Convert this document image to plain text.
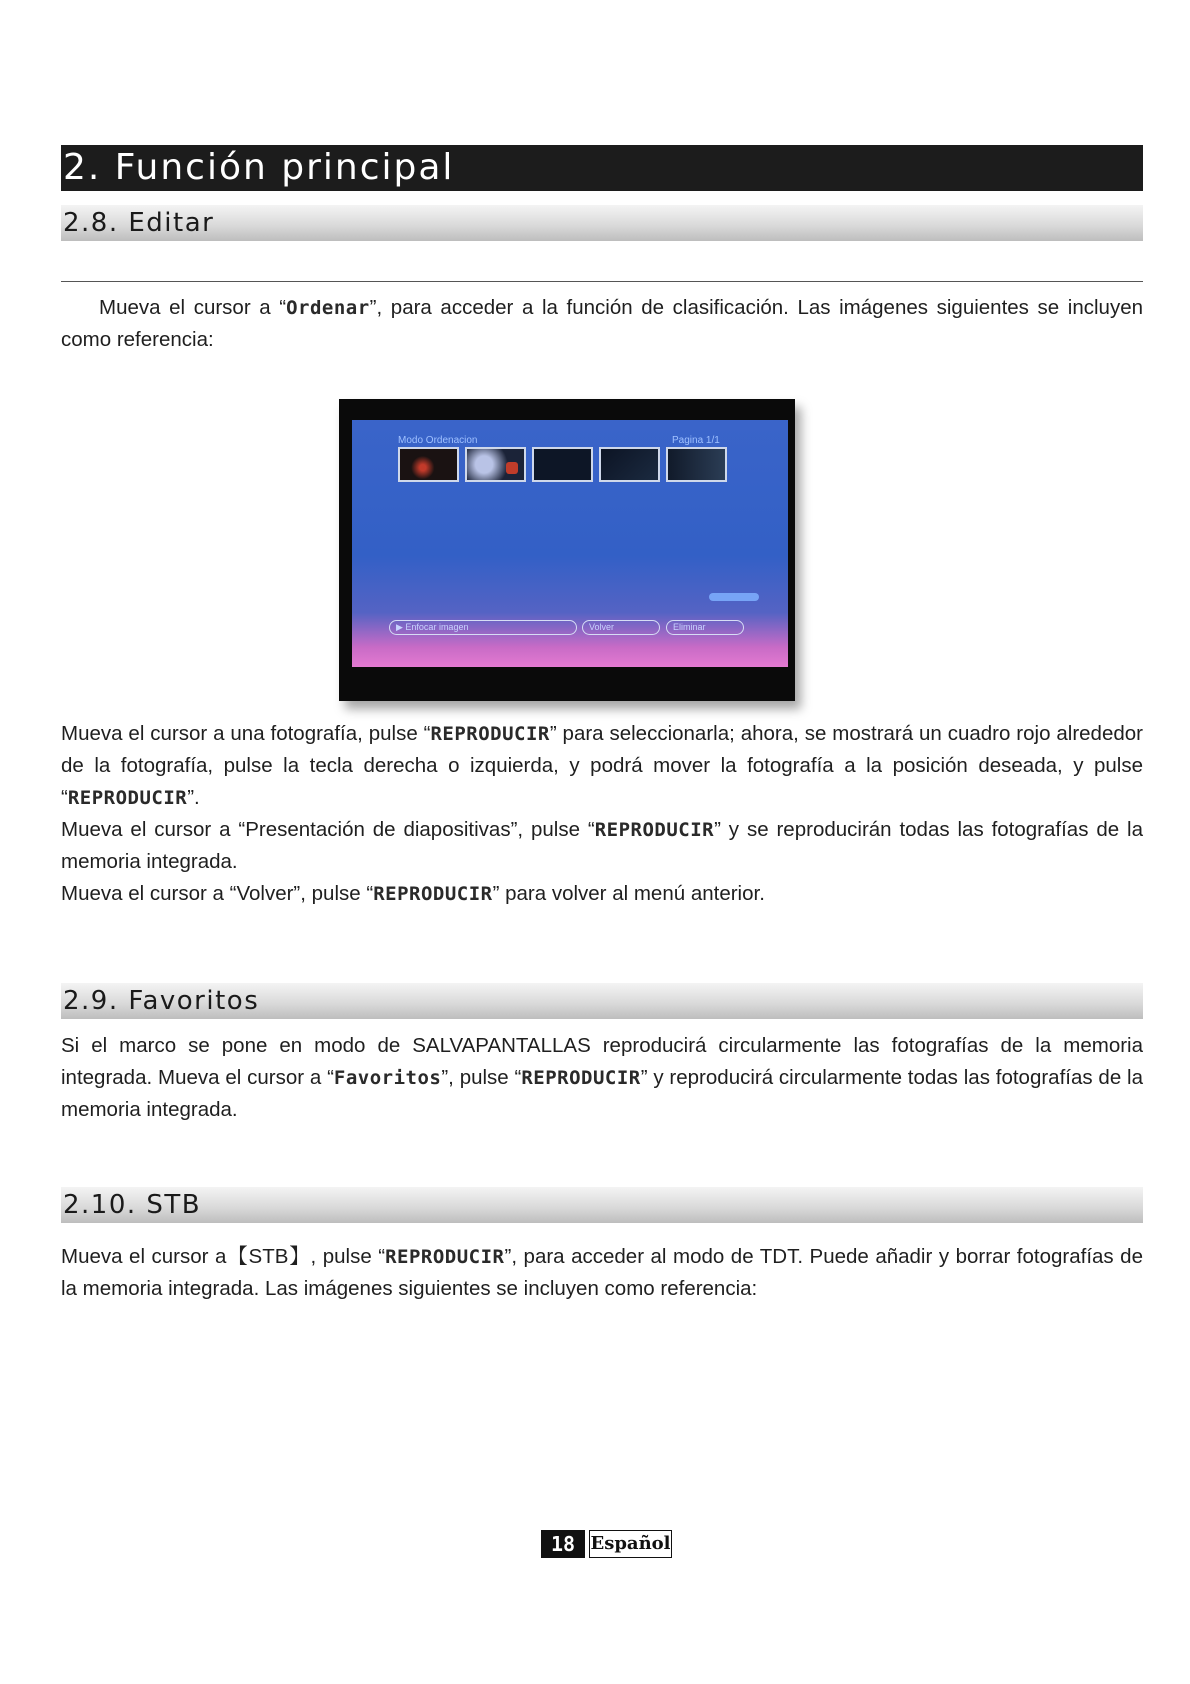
2. Función principal
2.8. Editar

Mueva el cursor a “Ordenar”, para acceder a la función de clasificación. Las imágenes siguientes se incluyen como referencia:

Modo Ordenacion	Pagina 1/1
▶ Enfocar imagen	Volver	Eliminar

Mueva el cursor a una fotografía, pulse “REPRODUCIR” para seleccionarla; ahora, se mostrará un cuadro rojo alrededor de la fotografía, pulse la tecla derecha o izquierda, y podrá mover la fotografía a la posición deseada, y pulse “REPRODUCIR”.

Mueva el cursor a “Presentación de diapositivas”, pulse “REPRODUCIR” y se reproducirán todas las fotografías de la memoria integrada.

Mueva el cursor a “Volver”, pulse “REPRODUCIR” para volver al menú anterior.

2.9. Favoritos

Si el marco se pone en modo de SALVAPANTALLAS reproducirá circularmente las fotografías de la memoria integrada. Mueva el cursor a “Favoritos”, pulse “REPRODUCIR” y reproducirá circularmente todas las fotografías de la memoria integrada.

2.10. STB

Mueva el cursor a【STB】, pulse “REPRODUCIR”, para acceder al modo de TDT. Puede añadir y borrar fotografías de la memoria integrada. Las imágenes siguientes se incluyen como referencia:

18 Español
